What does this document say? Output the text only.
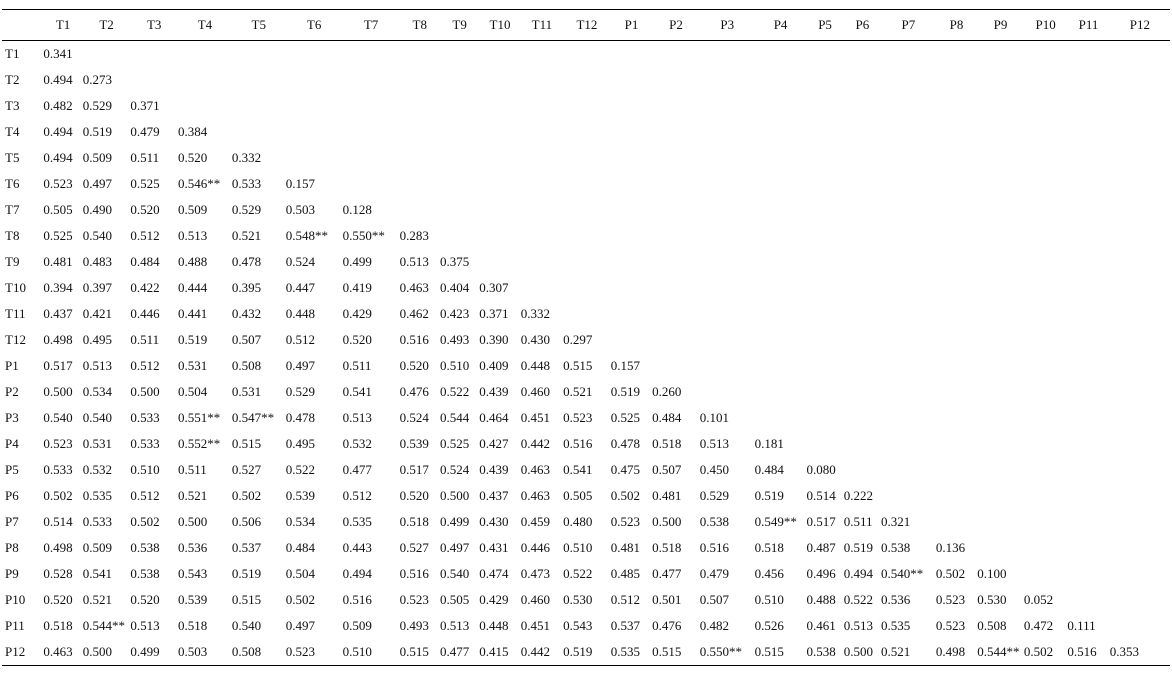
	T1	T2	T3	T4	T5	T6	T7	T8	T9	T10	T11	T12	P1	P2	P3	P4	P5	P6	P7	P8	P9	P10	P11	P12
T1	0.341																							
T2	0.494	0.273																						
T3	0.482	0.529	0.371																					
T4	0.494	0.519	0.479	0.384																				
T5	0.494	0.509	0.511	0.520	0.332																			
T6	0.523	0.497	0.525	0.546**	0.533	0.157																		
T7	0.505	0.490	0.520	0.509	0.529	0.503	0.128																	
T8	0.525	0.540	0.512	0.513	0.521	0.548**	0.550**	0.283																
T9	0.481	0.483	0.484	0.488	0.478	0.524	0.499	0.513	0.375															
T10	0.394	0.397	0.422	0.444	0.395	0.447	0.419	0.463	0.404	0.307														
T11	0.437	0.421	0.446	0.441	0.432	0.448	0.429	0.462	0.423	0.371	0.332													
T12	0.498	0.495	0.511	0.519	0.507	0.512	0.520	0.516	0.493	0.390	0.430	0.297												
P1	0.517	0.513	0.512	0.531	0.508	0.497	0.511	0.520	0.510	0.409	0.448	0.515	0.157											
P2	0.500	0.534	0.500	0.504	0.531	0.529	0.541	0.476	0.522	0.439	0.460	0.521	0.519	0.260										
P3	0.540	0.540	0.533	0.551**	0.547**	0.478	0.513	0.524	0.544	0.464	0.451	0.523	0.525	0.484	0.101									
P4	0.523	0.531	0.533	0.552**	0.515	0.495	0.532	0.539	0.525	0.427	0.442	0.516	0.478	0.518	0.513	0.181								
P5	0.533	0.532	0.510	0.511	0.527	0.522	0.477	0.517	0.524	0.439	0.463	0.541	0.475	0.507	0.450	0.484	0.080							
P6	0.502	0.535	0.512	0.521	0.502	0.539	0.512	0.520	0.500	0.437	0.463	0.505	0.502	0.481	0.529	0.519	0.514	0.222						
P7	0.514	0.533	0.502	0.500	0.506	0.534	0.535	0.518	0.499	0.430	0.459	0.480	0.523	0.500	0.538	0.549**	0.517	0.511	0.321					
P8	0.498	0.509	0.538	0.536	0.537	0.484	0.443	0.527	0.497	0.431	0.446	0.510	0.481	0.518	0.516	0.518	0.487	0.519	0.538	0.136				
P9	0.528	0.541	0.538	0.543	0.519	0.504	0.494	0.516	0.540	0.474	0.473	0.522	0.485	0.477	0.479	0.456	0.496	0.494	0.540**	0.502	0.100			
P10	0.520	0.521	0.520	0.539	0.515	0.502	0.516	0.523	0.505	0.429	0.460	0.530	0.512	0.501	0.507	0.510	0.488	0.522	0.536	0.523	0.530	0.052		
P11	0.518	0.544**	0.513	0.518	0.540	0.497	0.509	0.493	0.513	0.448	0.451	0.543	0.537	0.476	0.482	0.526	0.461	0.513	0.535	0.523	0.508	0.472	0.111	
P12	0.463	0.500	0.499	0.503	0.508	0.523	0.510	0.515	0.477	0.415	0.442	0.519	0.535	0.515	0.550**	0.515	0.538	0.500	0.521	0.498	0.544**	0.502	0.516	0.353
